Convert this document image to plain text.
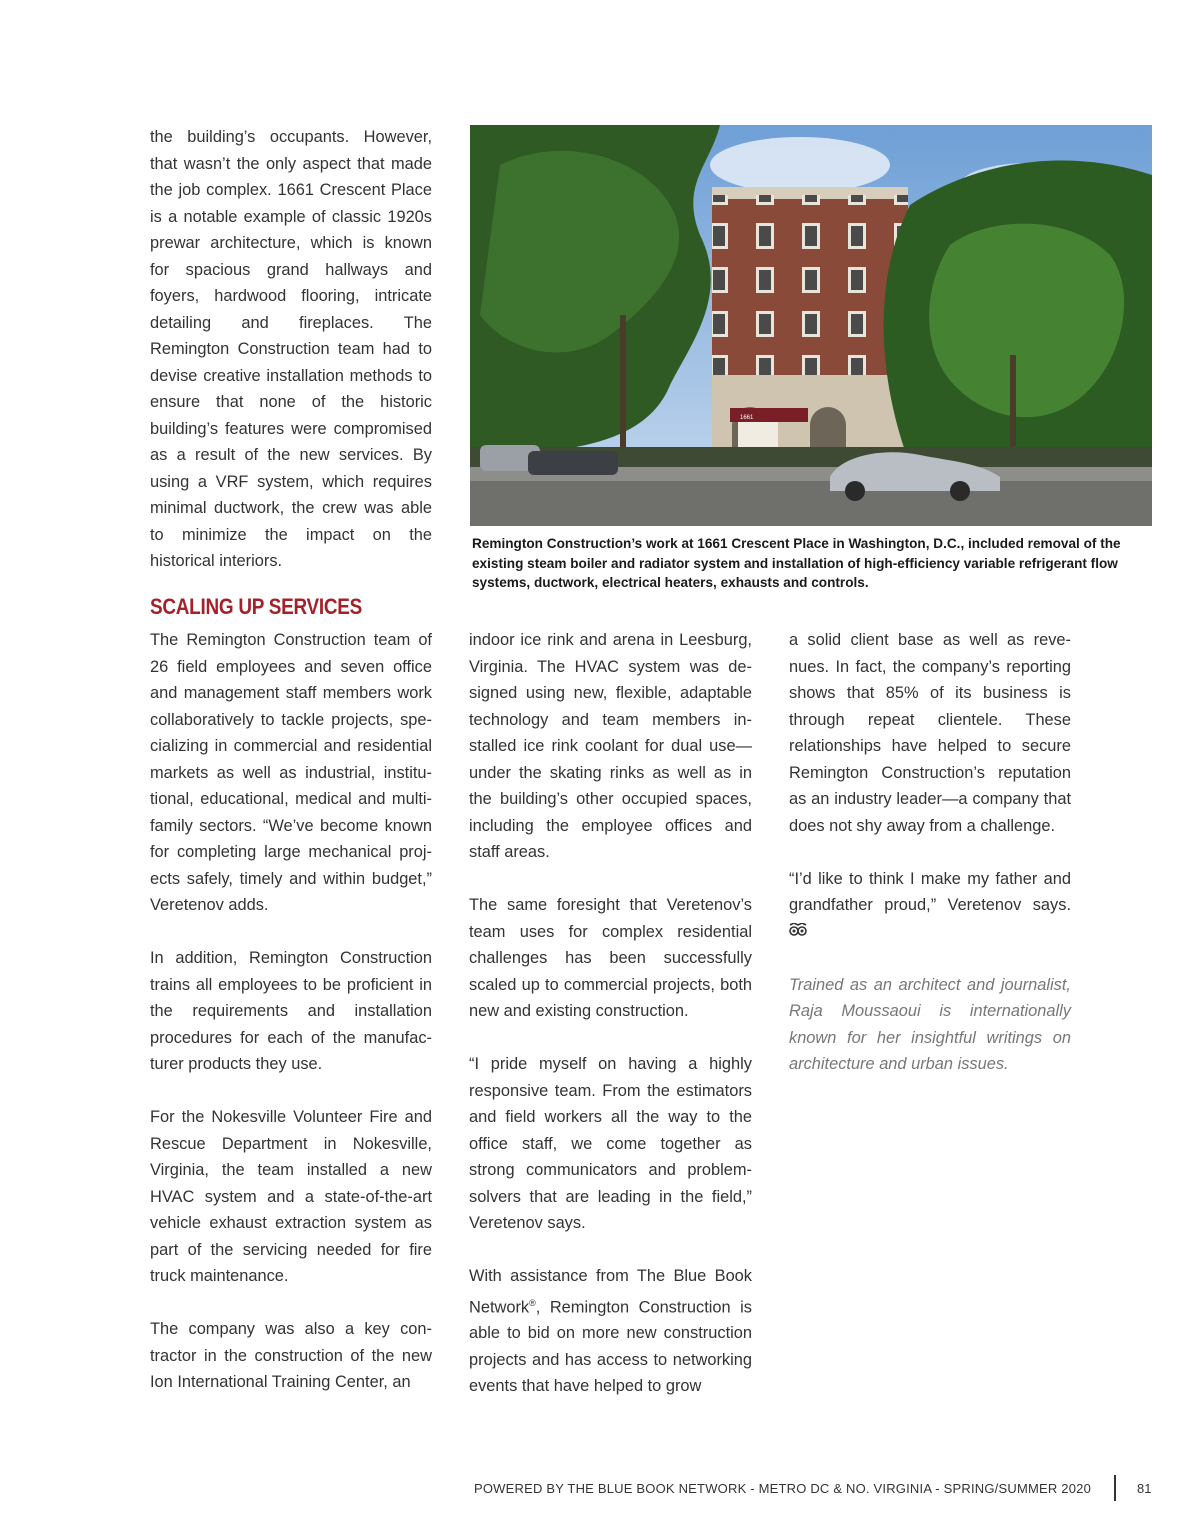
the building’s occupants. However, that wasn’t the only aspect that made the job complex. 1661 Crescent Place is a notable example of classic 1920s prewar architecture, which is known for spacious grand hallways and foyers, hardwood flooring, intricate detailing and fireplaces. The Remington Construction team had to devise creative installation methods to ensure that none of the historic building’s features were compromised as a result of the new services. By using a VRF system, which requires minimal ductwork, the crew was able to minimize the impact on the historical interiors.

1661
Remington Construction’s work at 1661 Crescent Place in Washington, D.C., included removal of the existing steam boiler and radiator system and installation of high-efficiency variable refrigerant flow systems, ductwork, electrical heaters, exhausts and controls.
SCALING UP SERVICES

The Remington Construction team of 26 field employees and seven office and management staff members work collaboratively to tackle projects, specializing in commercial and residential markets as well as industrial, institutional, educational, medical and multifamily sectors. “We’ve become known for completing large mechanical projects safely, timely and within budget,” Veretenov adds.

In addition, Remington Construction trains all employees to be proficient in the requirements and installation procedures for each of the manufacturer products they use.

For the Nokesville Volunteer Fire and Rescue Department in Nokesville, Virginia, the team installed a new HVAC system and a state-of-the-art vehicle exhaust extraction system as part of the servicing needed for fire truck maintenance.

The company was also a key contractor in the construction of the new Ion International Training Center, an

indoor ice rink and arena in Leesburg, Virginia. The HVAC system was designed using new, flexible, adaptable technology and team members installed ice rink coolant for dual use—under the skating rinks as well as in the building’s other occupied spaces, including the employee offices and staff areas.

The same foresight that Veretenov’s team uses for complex residential challenges has been successfully scaled up to commercial projects, both new and existing construction.

“I pride myself on having a highly responsive team. From the estimators and field workers all the way to the office staff, we come together as strong communicators and problem-solvers that are leading in the field,” Veretenov says.

With assistance from The Blue Book Network®, Remington Construction is able to bid on more new construction projects and has access to networking events that have helped to grow

a solid client base as well as revenues. In fact, the company’s reporting shows that 85% of its business is through repeat clientele. These relationships have helped to secure Remington Construction’s reputation as an industry leader—a company that does not shy away from a challenge.

“I’d like to think I make my father and grandfather proud,” Veretenov says.

Trained as an architect and journalist, Raja Moussaoui is internationally known for her insightful writings on architecture and urban issues.

POWERED BY THE BLUE BOOK NETWORK - METRO DC & NO. VIRGINIA - SPRING/SUMMER 2020	81
